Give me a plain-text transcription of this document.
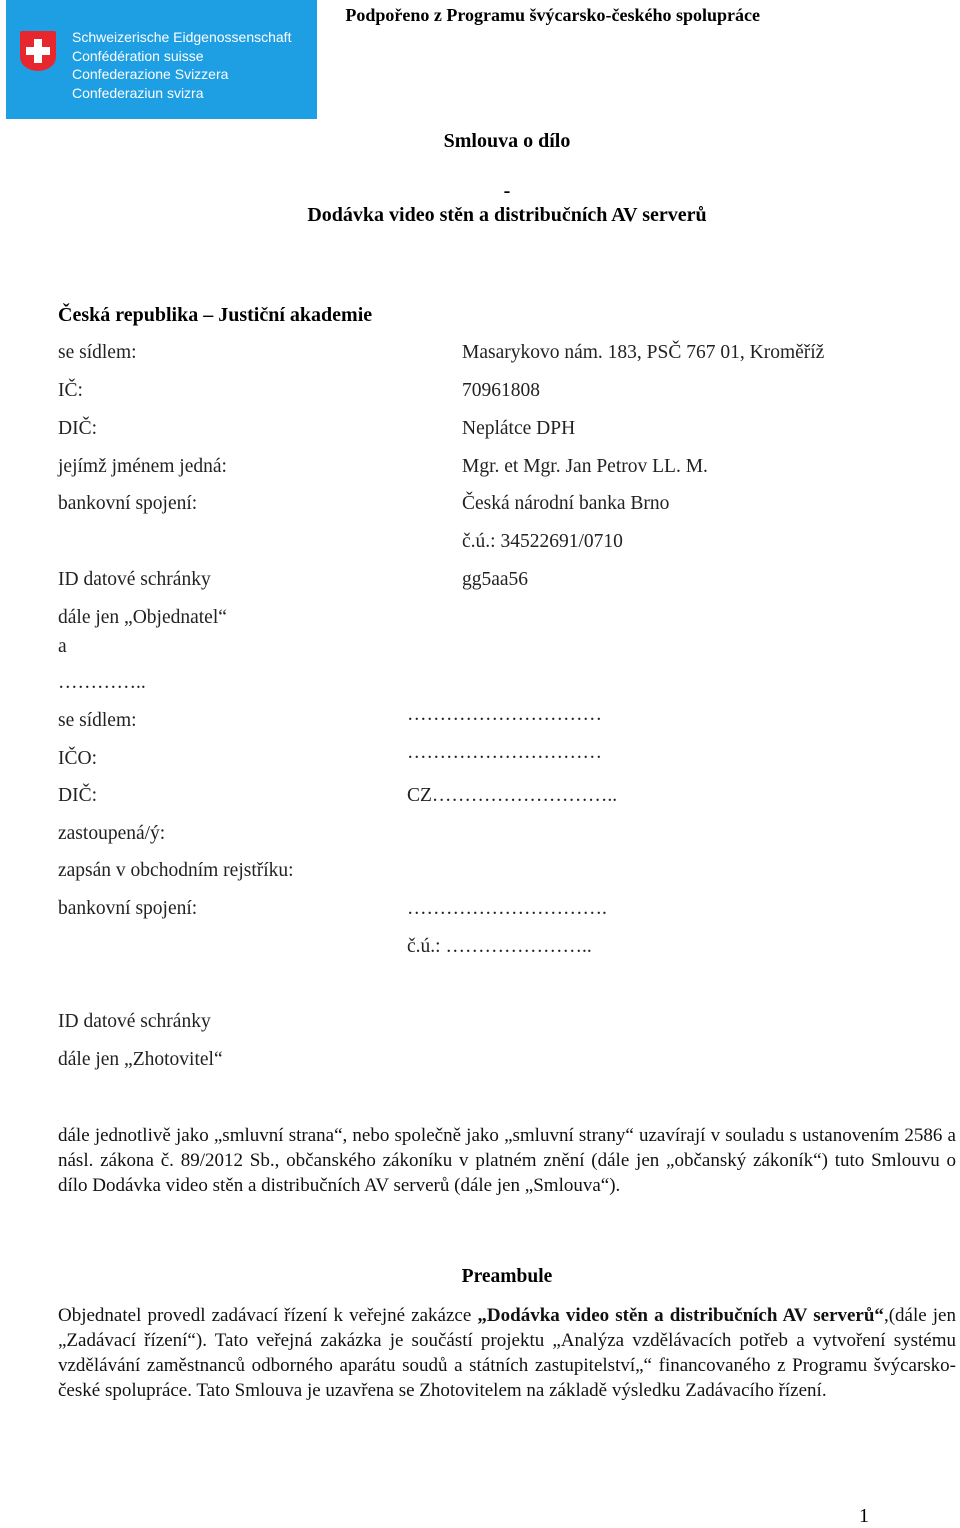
Schweizerische Eidgenossenschaft
Confédération suisse
Confederazione Svizzera
Confederaziun svizra
Podpořeno z Programu švýcarsko-českého spolupráce
Smlouva o dílo
-
Dodávka video stěn a distribučních AV serverů
Česká republika – Justiční akademie
se sídlem:	Masarykovo nám. 183, PSČ 767 01, Kroměříž
IČ:	70961808
DIČ:	Neplátce DPH
jejímž jménem jedná:	Mgr. et Mgr. Jan Petrov LL. M.
bankovní spojení:	Česká národní banka Brno
č.ú.: 34522691/0710
ID datové schránky	gg5aa56
dále jen „Objednatel“
a
…………..
se sídlem:	…………………………
IČO:	…………………………
DIČ:	CZ………………………..
zastoupená/ý:
zapsán v obchodním rejstříku:
bankovní spojení:	………………………….
č.ú.: …………………..
ID datové schránky
dále jen „Zhotovitel“
dále jednotlivě jako „smluvní strana“, nebo společně jako „smluvní strany“ uzavírají v souladu s ustanovením 2586 a násl. zákona č. 89/2012 Sb., občanského zákoníku v platném znění (dále jen „občanský zákoník“) tuto Smlouvu o dílo Dodávka video stěn a distribučních AV serverů (dále jen „Smlouva“).
Preambule
Objednatel provedl zadávací řízení k veřejné zakázce „Dodávka video stěn a distribučních AV serverů“,(dále jen „Zadávací řízení“). Tato veřejná zakázka je součástí projektu „Analýza vzdělávacích potřeb a vytvoření systému vzdělávání zaměstnanců odborného aparátu soudů a státních zastupitelství„“ financovaného z Programu švýcarsko-české spolupráce. Tato Smlouva je uzavřena se Zhotovitelem na základě výsledku Zadávacího řízení.
1
